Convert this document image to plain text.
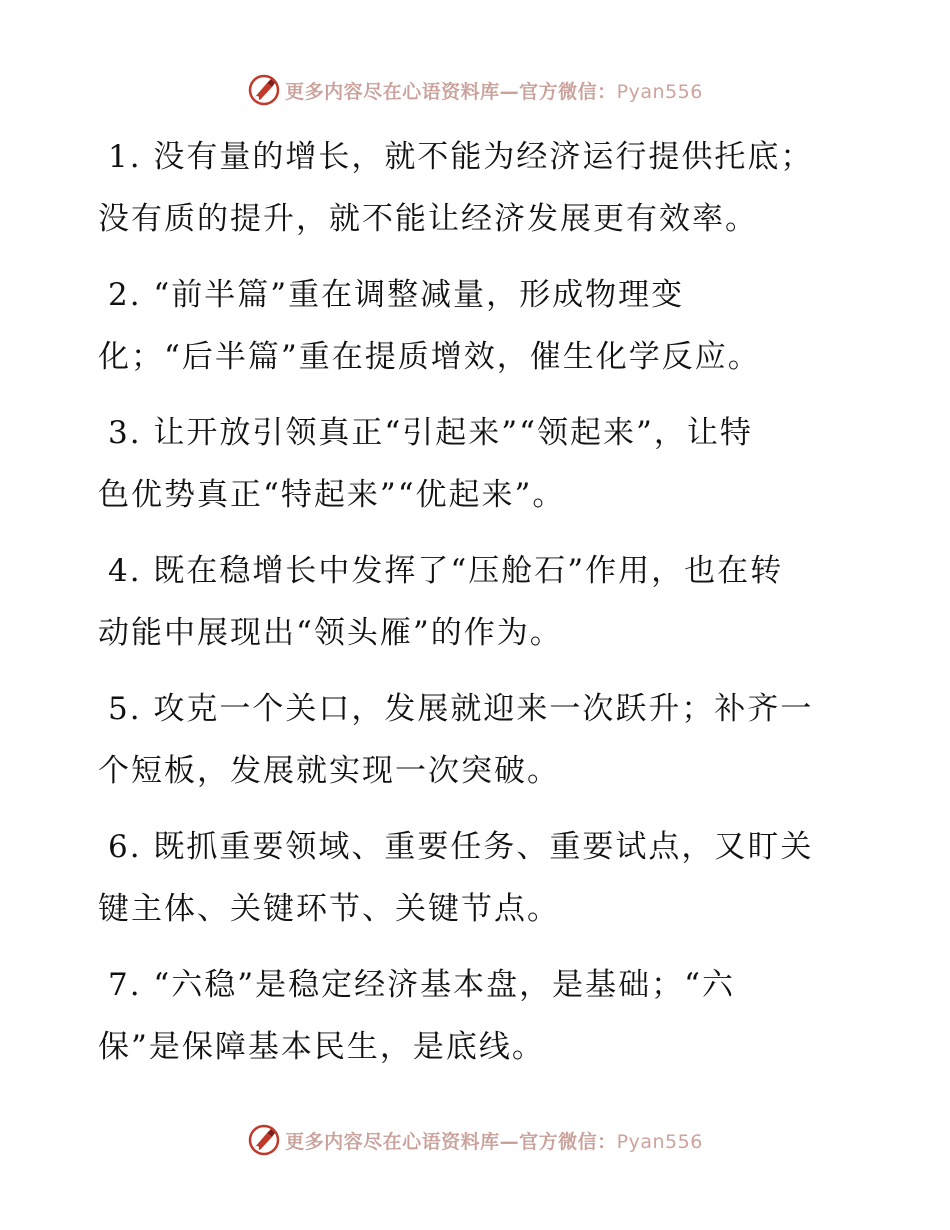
更多内容尽在心语资料库—官方微信：Pyan556
1. 没有量的增长，就不能为经济运行提供托底；
没有质的提升，就不能让经济发展更有效率。
2. “前半篇”重在调整减量，形成物理变
化；“后半篇”重在提质增效，催生化学反应。
3. 让开放引领真正“引起来”“领起来”，让特
色优势真正“特起来”“优起来”。
4. 既在稳增长中发挥了“压舱石”作用，也在转
动能中展现出“领头雁”的作为。
5. 攻克一个关口，发展就迎来一次跃升；补齐一
个短板，发展就实现一次突破。
6. 既抓重要领域、重要任务、重要试点，又盯关
键主体、关键环节、关键节点。
7. “六稳”是稳定经济基本盘，是基础；“六
保”是保障基本民生，是底线。
更多内容尽在心语资料库—官方微信：Pyan556
